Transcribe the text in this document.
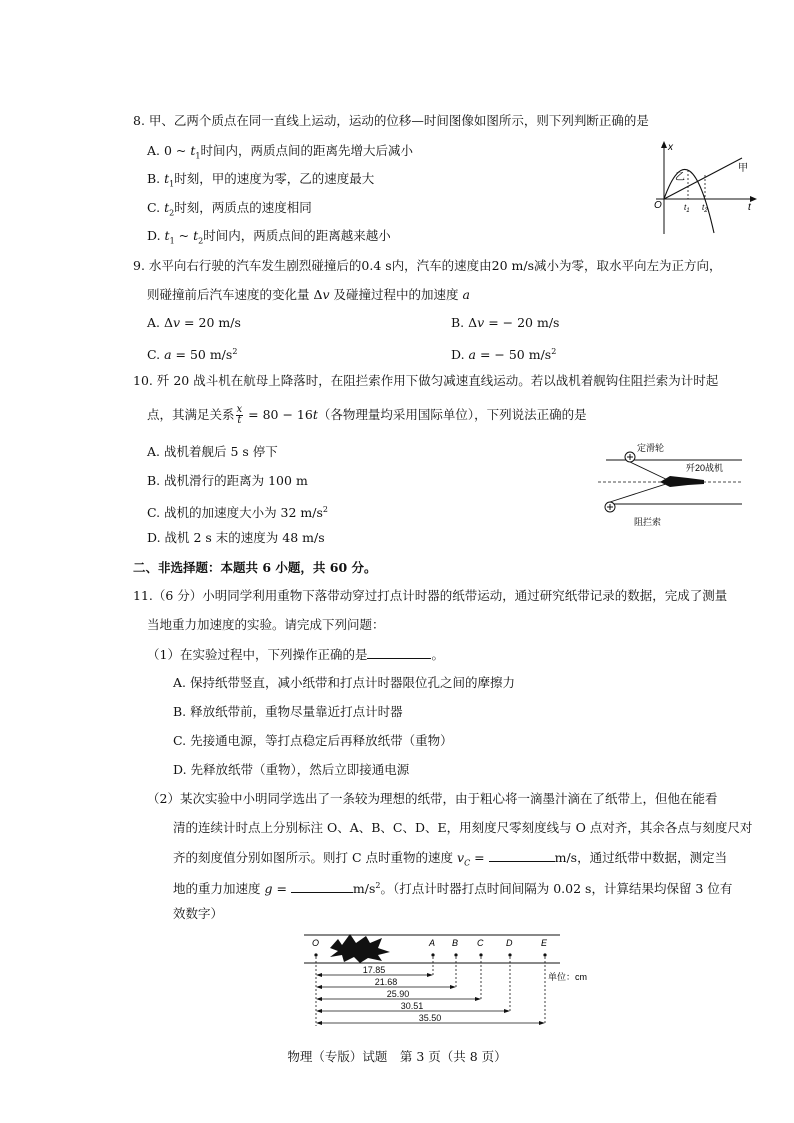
8. 甲、乙两个质点在同一直线上运动，运动的位移—时间图像如图所示，则下列判断正确的是
A. 0 ~ $t_1$时间内，两质点间的距离先增大后减小
B. $t_1$时刻，甲的速度为零，乙的速度最大
C. $t_2$时刻，两质点的速度相同
D. $t_1$ ~ $t_2$时间内，两质点间的距离越来越小
x
t
O
甲
乙
$t_1$ $t_2$
9. 水平向右行驶的汽车发生剧烈碰撞后的0.4 s内，汽车的速度由20 m/s减小为零，取水平向左为正方向，
则碰撞前后汽车速度的变化量 Δv 及碰撞过程中的加速度 a
A. Δv = 20 m/s	B. Δv = − 20 m/s
C. a = 50 $m/s^2$	D. a = − 50 $m/s^2$
10. 歼 20 战斗机在航母上降落时，在阻拦索作用下做匀减速直线运动。若以战机着舰钩住阻拦索为计时起
点，其满足关系 $\frac{x}{t} = 80 - 16t$（各物理量均采用国际单位），下列说法正确的是
A. 战机着舰后 5 s 停下
B. 战机滑行的距离为 100 m
C. 战机的加速度大小为 32 $m/s^2$
D. 战机 2 s 末的速度为 48 m/s
定滑轮
歼20战机
阻拦索
二、非选择题：本题共 6 小题，共 60 分。
11.（6 分）小明同学利用重物下落带动穿过打点计时器的纸带运动，通过研究纸带记录的数据，完成了测量
当地重力加速度的实验。请完成下列问题：
（1）在实验过程中，下列操作正确的是	。
A. 保持纸带竖直，减小纸带和打点计时器限位孔之间的摩擦力
B. 释放纸带前，重物尽量靠近打点计时器
C. 先接通电源，等打点稳定后再释放纸带（重物）
D. 先释放纸带（重物），然后立即接通电源
（2）某次实验中小明同学选出了一条较为理想的纸带，由于粗心将一滴墨汁滴在了纸带上，但他在能看
清的连续计时点上分别标注 O、A、B、C、D、E，用刻度尺零刻度线与 O 点对齐，其余各点与刻度尺对
齐的刻度值分别如图所示。则打 C 点时重物的速度 $v_C$ =	m/s，通过纸带中数据，测定当
地的重力加速度 g =	$m/s^2$。（打点计时器打点时间间隔为 0.02 s，计算结果均保留 3 位有
效数字）
O	A B C	D	E
17.85
21.68
25.90
30.51
35.50
单位：cm
物理（专版）试题　第 3 页（共 8 页）
